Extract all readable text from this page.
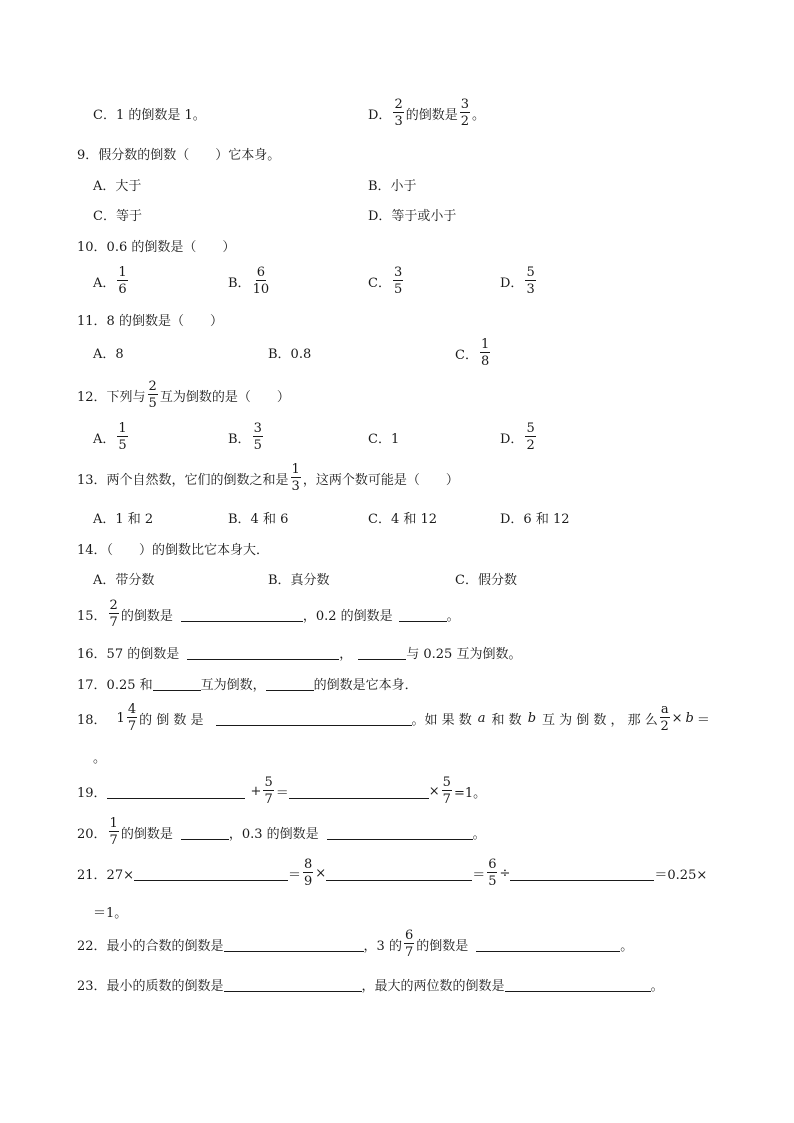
C．1 的倒数是 1。	D． $\frac{2}{3}$ 的倒数是 $\frac{3}{2}$ 。
9．假分数的倒数（　　）它本身。
A．大于	B．小于
C．等于	D．等于或小于
10．0.6 的倒数是（　　）
A． $\frac{1}{6}$	B． $\frac{6}{10}$	C． $\frac{3}{5}$	D． $\frac{5}{3}$
11．8 的倒数是（　　）
A．8	B．0.8	C． $\frac{1}{8}$
12．下列与 $\frac{2}{5}$ 互为倒数的是（　　）
A． $\frac{1}{5}$	B． $\frac{3}{5}$	C．1	D． $\frac{5}{2}$
13．两个自然数，它们的倒数之和是 $\frac{1}{3}$ ，这两个数可能是（　　）
A．1 和 2	B．4 和 6	C．4 和 12	D．6 和 12
14．（　　）的倒数比它本身大．
A．带分数	B．真分数	C．假分数
15． $\frac{2}{7}$ 的倒数是	，0.2 的倒数是	。
16．57 的倒数是	，	与 0.25 互为倒数。
17．0.25 和	互为倒数，	的倒数是它本身．
18． $1 \frac{4}{7}$ 的 倒 数 是	。如 果 数 a 和 数 b 互 为 倒 数 ， 那 么 $\frac{a}{2} \times b$ ＝
。
19．	+ $\frac{5}{7}$ ＝	× $\frac{5}{7} =1$。
20． $\frac{1}{7}$ 的倒数是	，0.3 的倒数是	。
21．27×	＝ $\frac{8}{9}$ ×	＝ $\frac{6}{5}$ ÷	＝0.25×
＝1。
22．最小的合数的倒数是	，3 的 $\frac{6}{7}$ 的倒数是	。
23．最小的质数的倒数是	，最大的两位数的倒数是	。
